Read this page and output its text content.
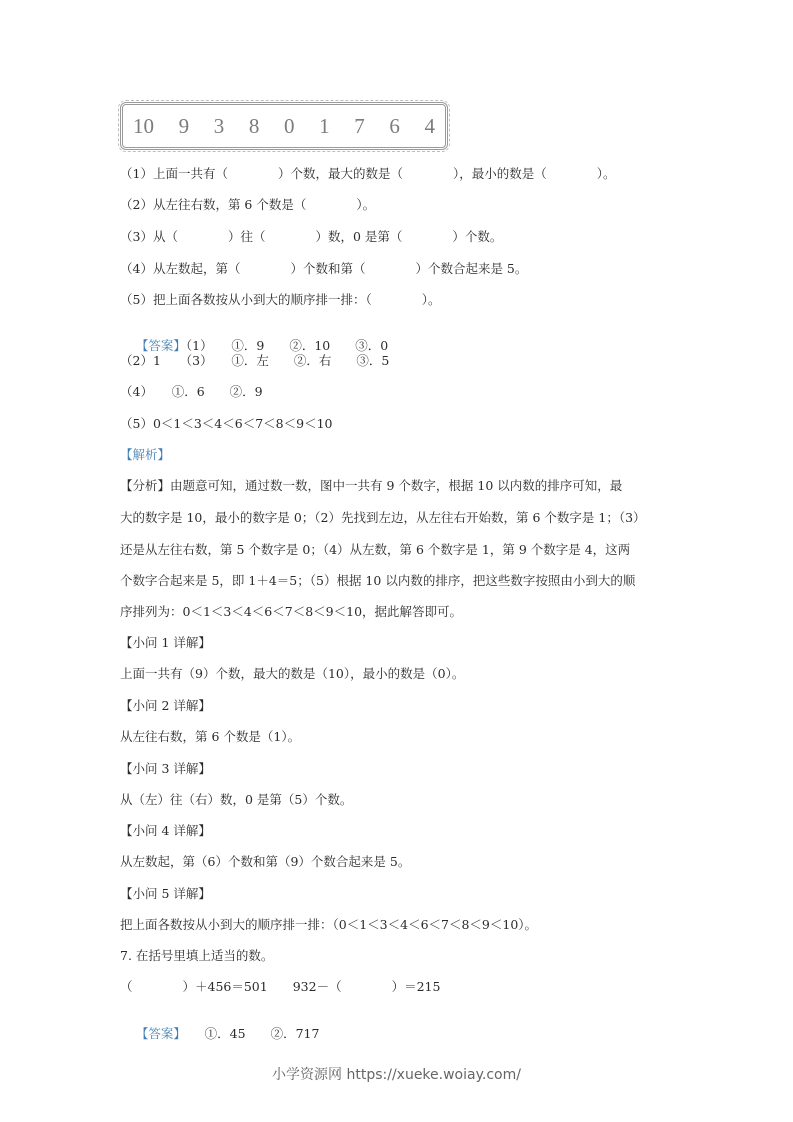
10 9 3 8 0 1 7 6 4
（1）上面一共有（　　　　）个数，最大的数是（　　　　），最小的数是（　　　　）。
（2）从左往右数，第 6 个数是（　　　　）。
（3）从（　　　　）往（　　　　）数，0 是第（　　　　）个数。
（4）从左数起，第（　　　　）个数和第（　　　　）个数合起来是 5。
（5）把上面各数按从小到大的顺序排一排：（　　　　）。

【答案】（1）　　①．9　　②．10　　③．0

（2）1　　（3）　　①．左　　②．右　　③．5
（4）　　①．6　　②．9
（5）0＜1＜3＜4＜6＜7＜8＜9＜10
【解析】
【分析】由题意可知，通过数一数，图中一共有 9 个数字，根据 10 以内数的排序可知，最
大的数字是 10，最小的数字是 0；（2）先找到左边，从左往右开始数，第 6 个数字是 1；（3）
还是从左往右数，第 5 个数字是 0；（4）从左数，第 6 个数字是 1，第 9 个数字是 4，这两
个数字合起来是 5，即 1＋4＝5；（5）根据 10 以内数的排序，把这些数字按照由小到大的顺
序排列为：0＜1＜3＜4＜6＜7＜8＜9＜10，据此解答即可。
【小问 1 详解】
上面一共有（9）个数，最大的数是（10），最小的数是（0）。
【小问 2 详解】
从左往右数，第 6 个数是（1）。
【小问 3 详解】
从（左）往（右）数，0 是第（5）个数。
【小问 4 详解】
从左数起，第（6）个数和第（9）个数合起来是 5。
【小问 5 详解】
把上面各数按从小到大的顺序排一排：（0＜1＜3＜4＜6＜7＜8＜9＜10）。
7. 在括号里填上适当的数。
（　　　　）＋456＝501　　932－（　　　　）＝215

【答案】　　①．45　　②．717

小学资源网 https://xueke.woiay.com/
